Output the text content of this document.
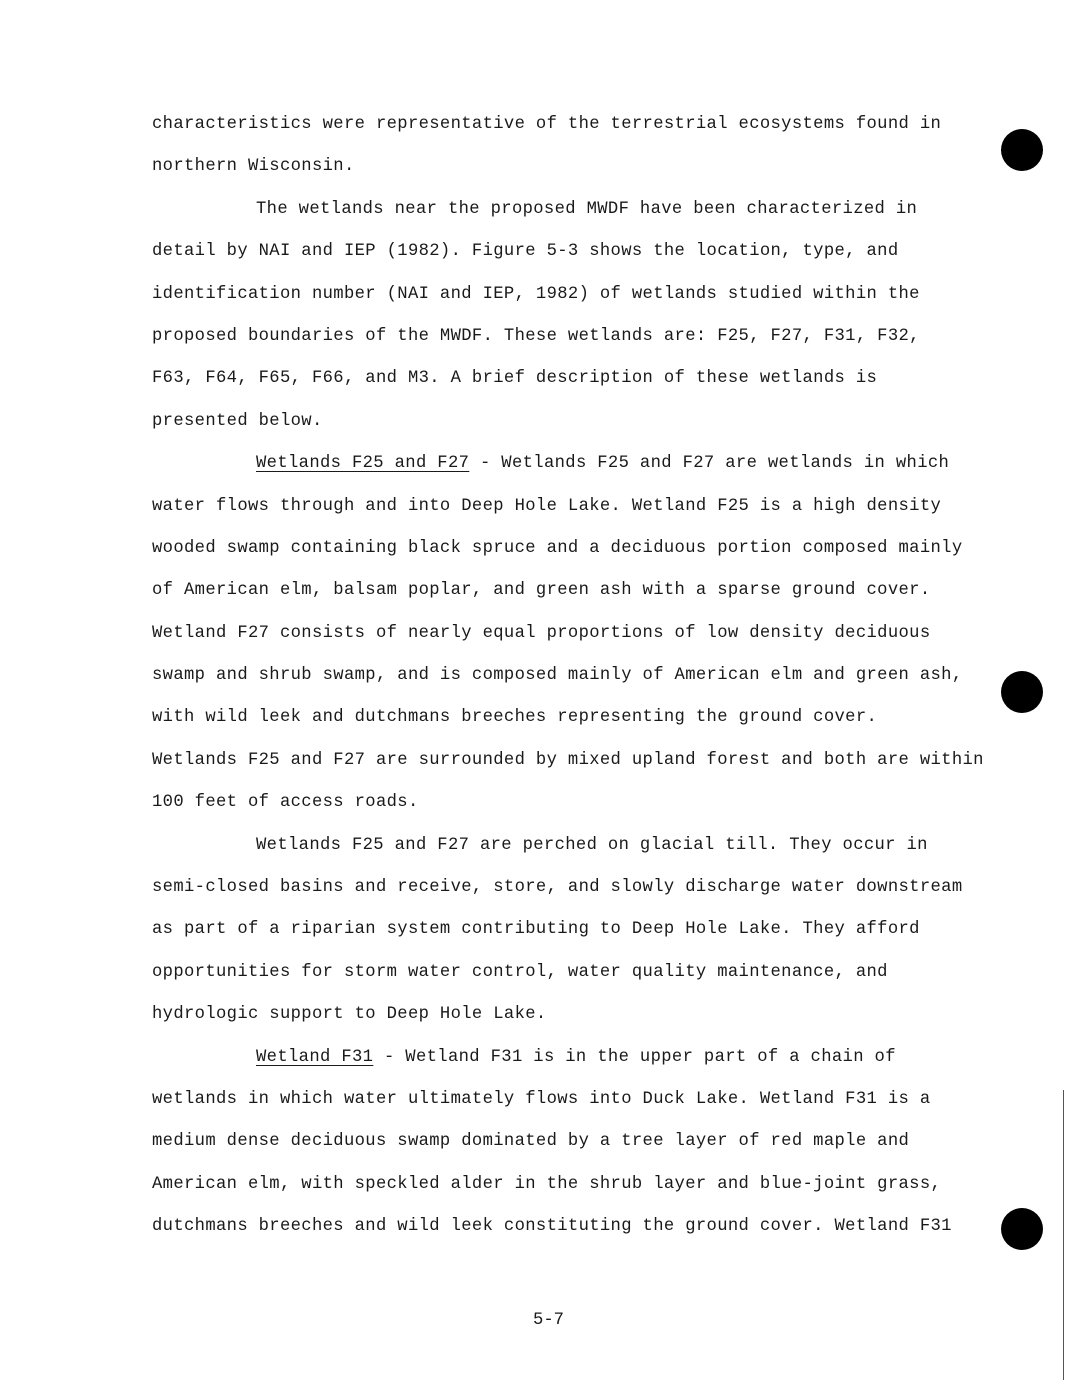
characteristics were representative of the terrestrial ecosystems found in
northern Wisconsin.
The wetlands near the proposed MWDF have been characterized in
detail by NAI and IEP (1982). Figure 5-3 shows the location, type, and
identification number (NAI and IEP, 1982) of wetlands studied within the
proposed boundaries of the MWDF. These wetlands are: F25, F27, F31, F32,
F63, F64, F65, F66, and M3. A brief description of these wetlands is
presented below.
Wetlands F25 and F27 - Wetlands F25 and F27 are wetlands in which
water flows through and into Deep Hole Lake. Wetland F25 is a high density
wooded swamp containing black spruce and a deciduous portion composed mainly
of American elm, balsam poplar, and green ash with a sparse ground cover.
Wetland F27 consists of nearly equal proportions of low density deciduous
swamp and shrub swamp, and is composed mainly of American elm and green ash,
with wild leek and dutchmans breeches representing the ground cover.
Wetlands F25 and F27 are surrounded by mixed upland forest and both are within
100 feet of access roads.
Wetlands F25 and F27 are perched on glacial till. They occur in
semi-closed basins and receive, store, and slowly discharge water downstream
as part of a riparian system contributing to Deep Hole Lake. They afford
opportunities for storm water control, water quality maintenance, and
hydrologic support to Deep Hole Lake.
Wetland F31 - Wetland F31 is in the upper part of a chain of
wetlands in which water ultimately flows into Duck Lake. Wetland F31 is a
medium dense deciduous swamp dominated by a tree layer of red maple and
American elm, with speckled alder in the shrub layer and blue-joint grass,
dutchmans breeches and wild leek constituting the ground cover. Wetland F31
5-7
